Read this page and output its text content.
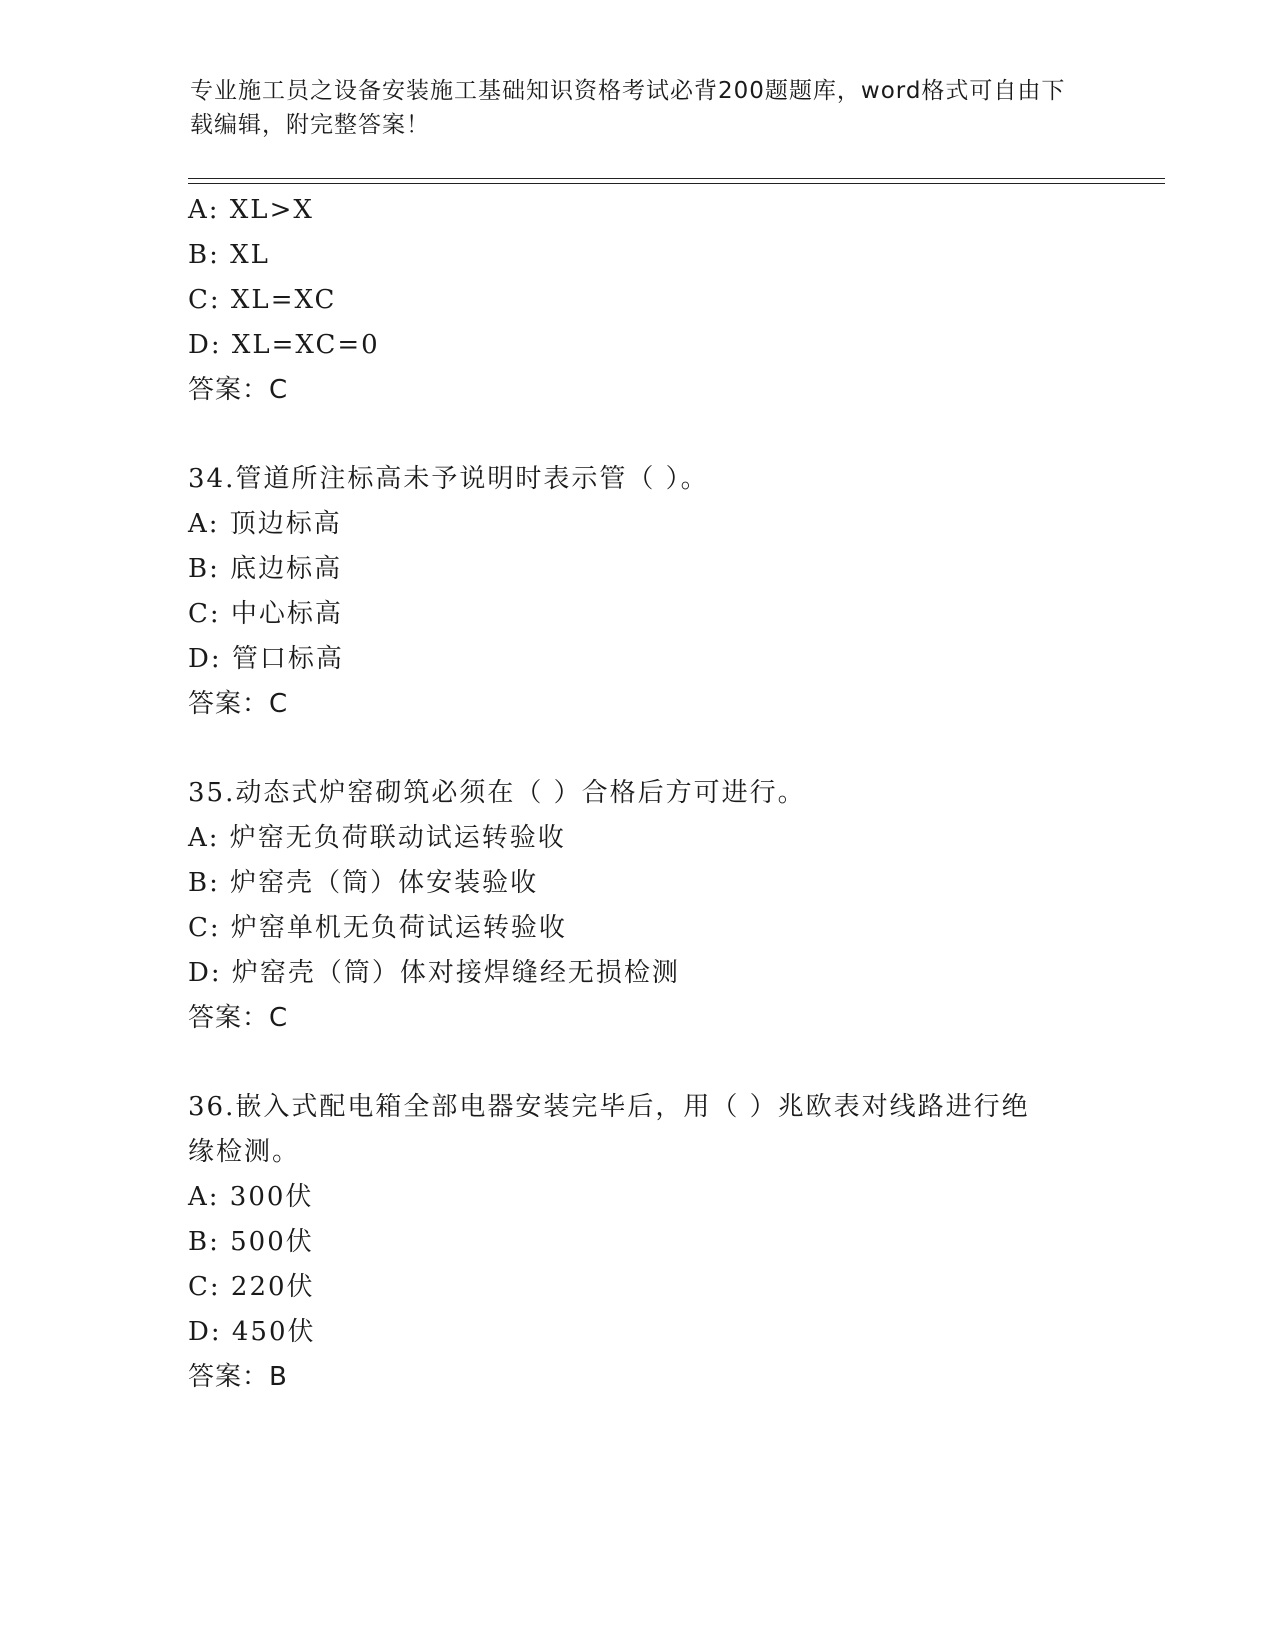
专业施工员之设备安装施工基础知识资格考试必背200题题库，word格式可自由下载编辑，附完整答案！
A: XL>X
B: XL
C: XL=XC
D: XL=XC=0
答案：C
34.管道所注标高未予说明时表示管（ ）。
A: 顶边标高
B: 底边标高
C: 中心标高
D: 管口标高
答案：C
35.动态式炉窑砌筑必须在（ ）合格后方可进行。
A: 炉窑无负荷联动试运转验收
B: 炉窑壳（筒）体安装验收
C: 炉窑单机无负荷试运转验收
D: 炉窑壳（筒）体对接焊缝经无损检测
答案：C
36.嵌入式配电箱全部电器安装完毕后，用（ ）兆欧表对线路进行绝
缘检测。
A: 300伏
B: 500伏
C: 220伏
D: 450伏
答案：B
